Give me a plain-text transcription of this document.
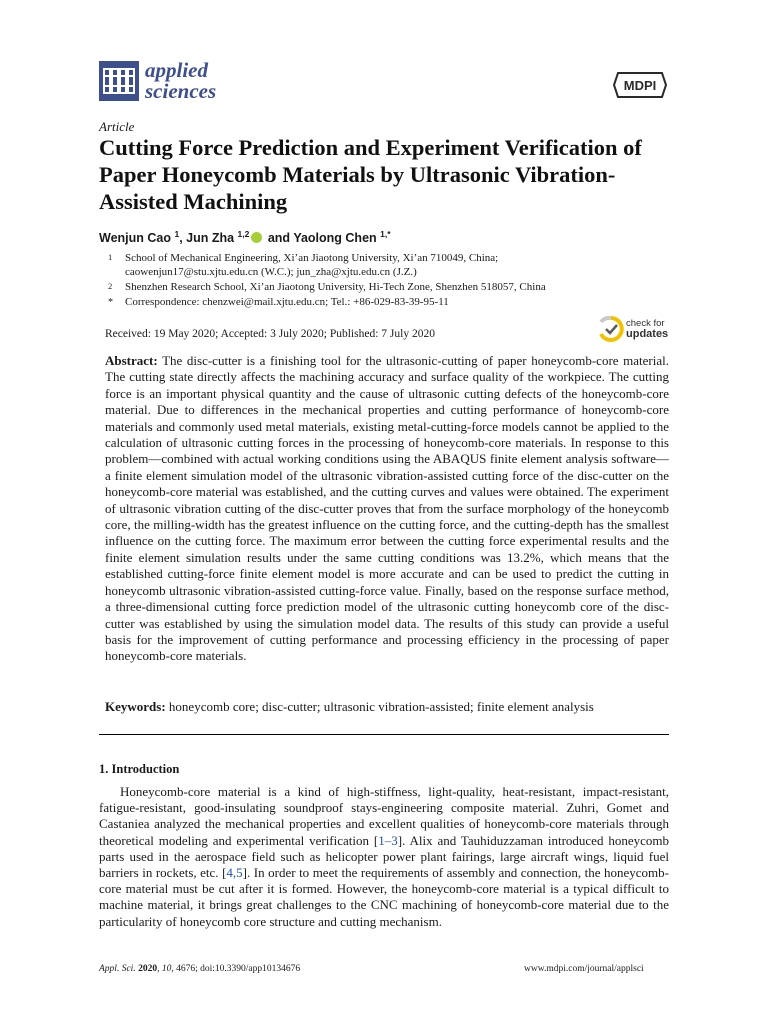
applied
sciences	MDPI
Article
Cutting Force Prediction and Experiment Verification of Paper Honeycomb Materials by Ultrasonic Vibration-Assisted Machining
Wenjun Cao $^1$, Jun Zha $^{1,2}$ and Yaolong Chen $^{1,*}$
1 School of Mechanical Engineering, Xi’an Jiaotong University, Xi’an 710049, China;
caowenjun17@stu.xjtu.edu.cn (W.C.); jun_zha@xjtu.edu.cn (J.Z.)
2 Shenzhen Research School, Xi’an Jiaotong University, Hi-Tech Zone, Shenzhen 518057, China
* Correspondence: chenzwei@mail.xjtu.edu.cn; Tel.: +86-029-83-39-95-11
Received: 19 May 2020; Accepted: 3 July 2020; Published: 7 July 2020
check for
updates
Abstract: The disc-cutter is a finishing tool for the ultrasonic-cutting of paper honeycomb-core material. The cutting state directly affects the machining accuracy and surface quality of the workpiece. The cutting force is an important physical quantity and the cause of ultrasonic cutting defects of the honeycomb-core material. Due to differences in the mechanical properties and cutting performance of honeycomb-core materials and commonly used metal materials, existing metal-cutting-force models cannot be applied to the calculation of ultrasonic cutting forces in the processing of honeycomb-core materials. In response to this problem—combined with actual working conditions using the ABAQUS finite element analysis software—a finite element simulation model of the ultrasonic vibration-assisted cutting force of the disc-cutter on the honeycomb-core material was established, and the cutting curves and values were obtained. The experiment of ultrasonic vibration cutting of the disc-cutter proves that from the surface morphology of the honeycomb core, the milling-width has the greatest influence on the cutting force, and the cutting-depth has the smallest influence on the cutting force. The maximum error between the cutting force experimental results and the finite element simulation results under the same cutting conditions was 13.2%, which means that the established cutting-force finite element model is more accurate and can be used to predict the cutting in honeycomb ultrasonic vibration-assisted cutting-force value. Finally, based on the response surface method, a three-dimensional cutting force prediction model of the ultrasonic cutting honeycomb core of the disc-cutter was established by using the simulation model data. The results of this study can provide a useful basis for the improvement of cutting performance and processing efficiency in the processing of paper honeycomb-core materials.
Keywords: honeycomb core; disc-cutter; ultrasonic vibration-assisted; finite element analysis
1. Introduction
Honeycomb-core material is a kind of high-stiffness, light-quality, heat-resistant, impact-resistant, fatigue-resistant, good-insulating soundproof stays-engineering composite material. Zuhri, Gomet and Castaniea analyzed the mechanical properties and excellent qualities of honeycomb-core materials through theoretical modeling and experimental verification [1–3]. Alix and Tauhiduzzaman introduced honeycomb parts used in the aerospace field such as helicopter power plant fairings, large aircraft wings, liquid fuel barriers in rockets, etc. [4,5]. In order to meet the requirements of assembly and connection, the honeycomb-core material must be cut after it is formed. However, the honeycomb-core material is a typical difficult to machine material, it brings great challenges to the CNC machining of honeycomb-core material due to the particularity of honeycomb core structure and cutting mechanism.
Appl. Sci. 2020, 10, 4676; doi:10.3390/app10134676	www.mdpi.com/journal/applsci
